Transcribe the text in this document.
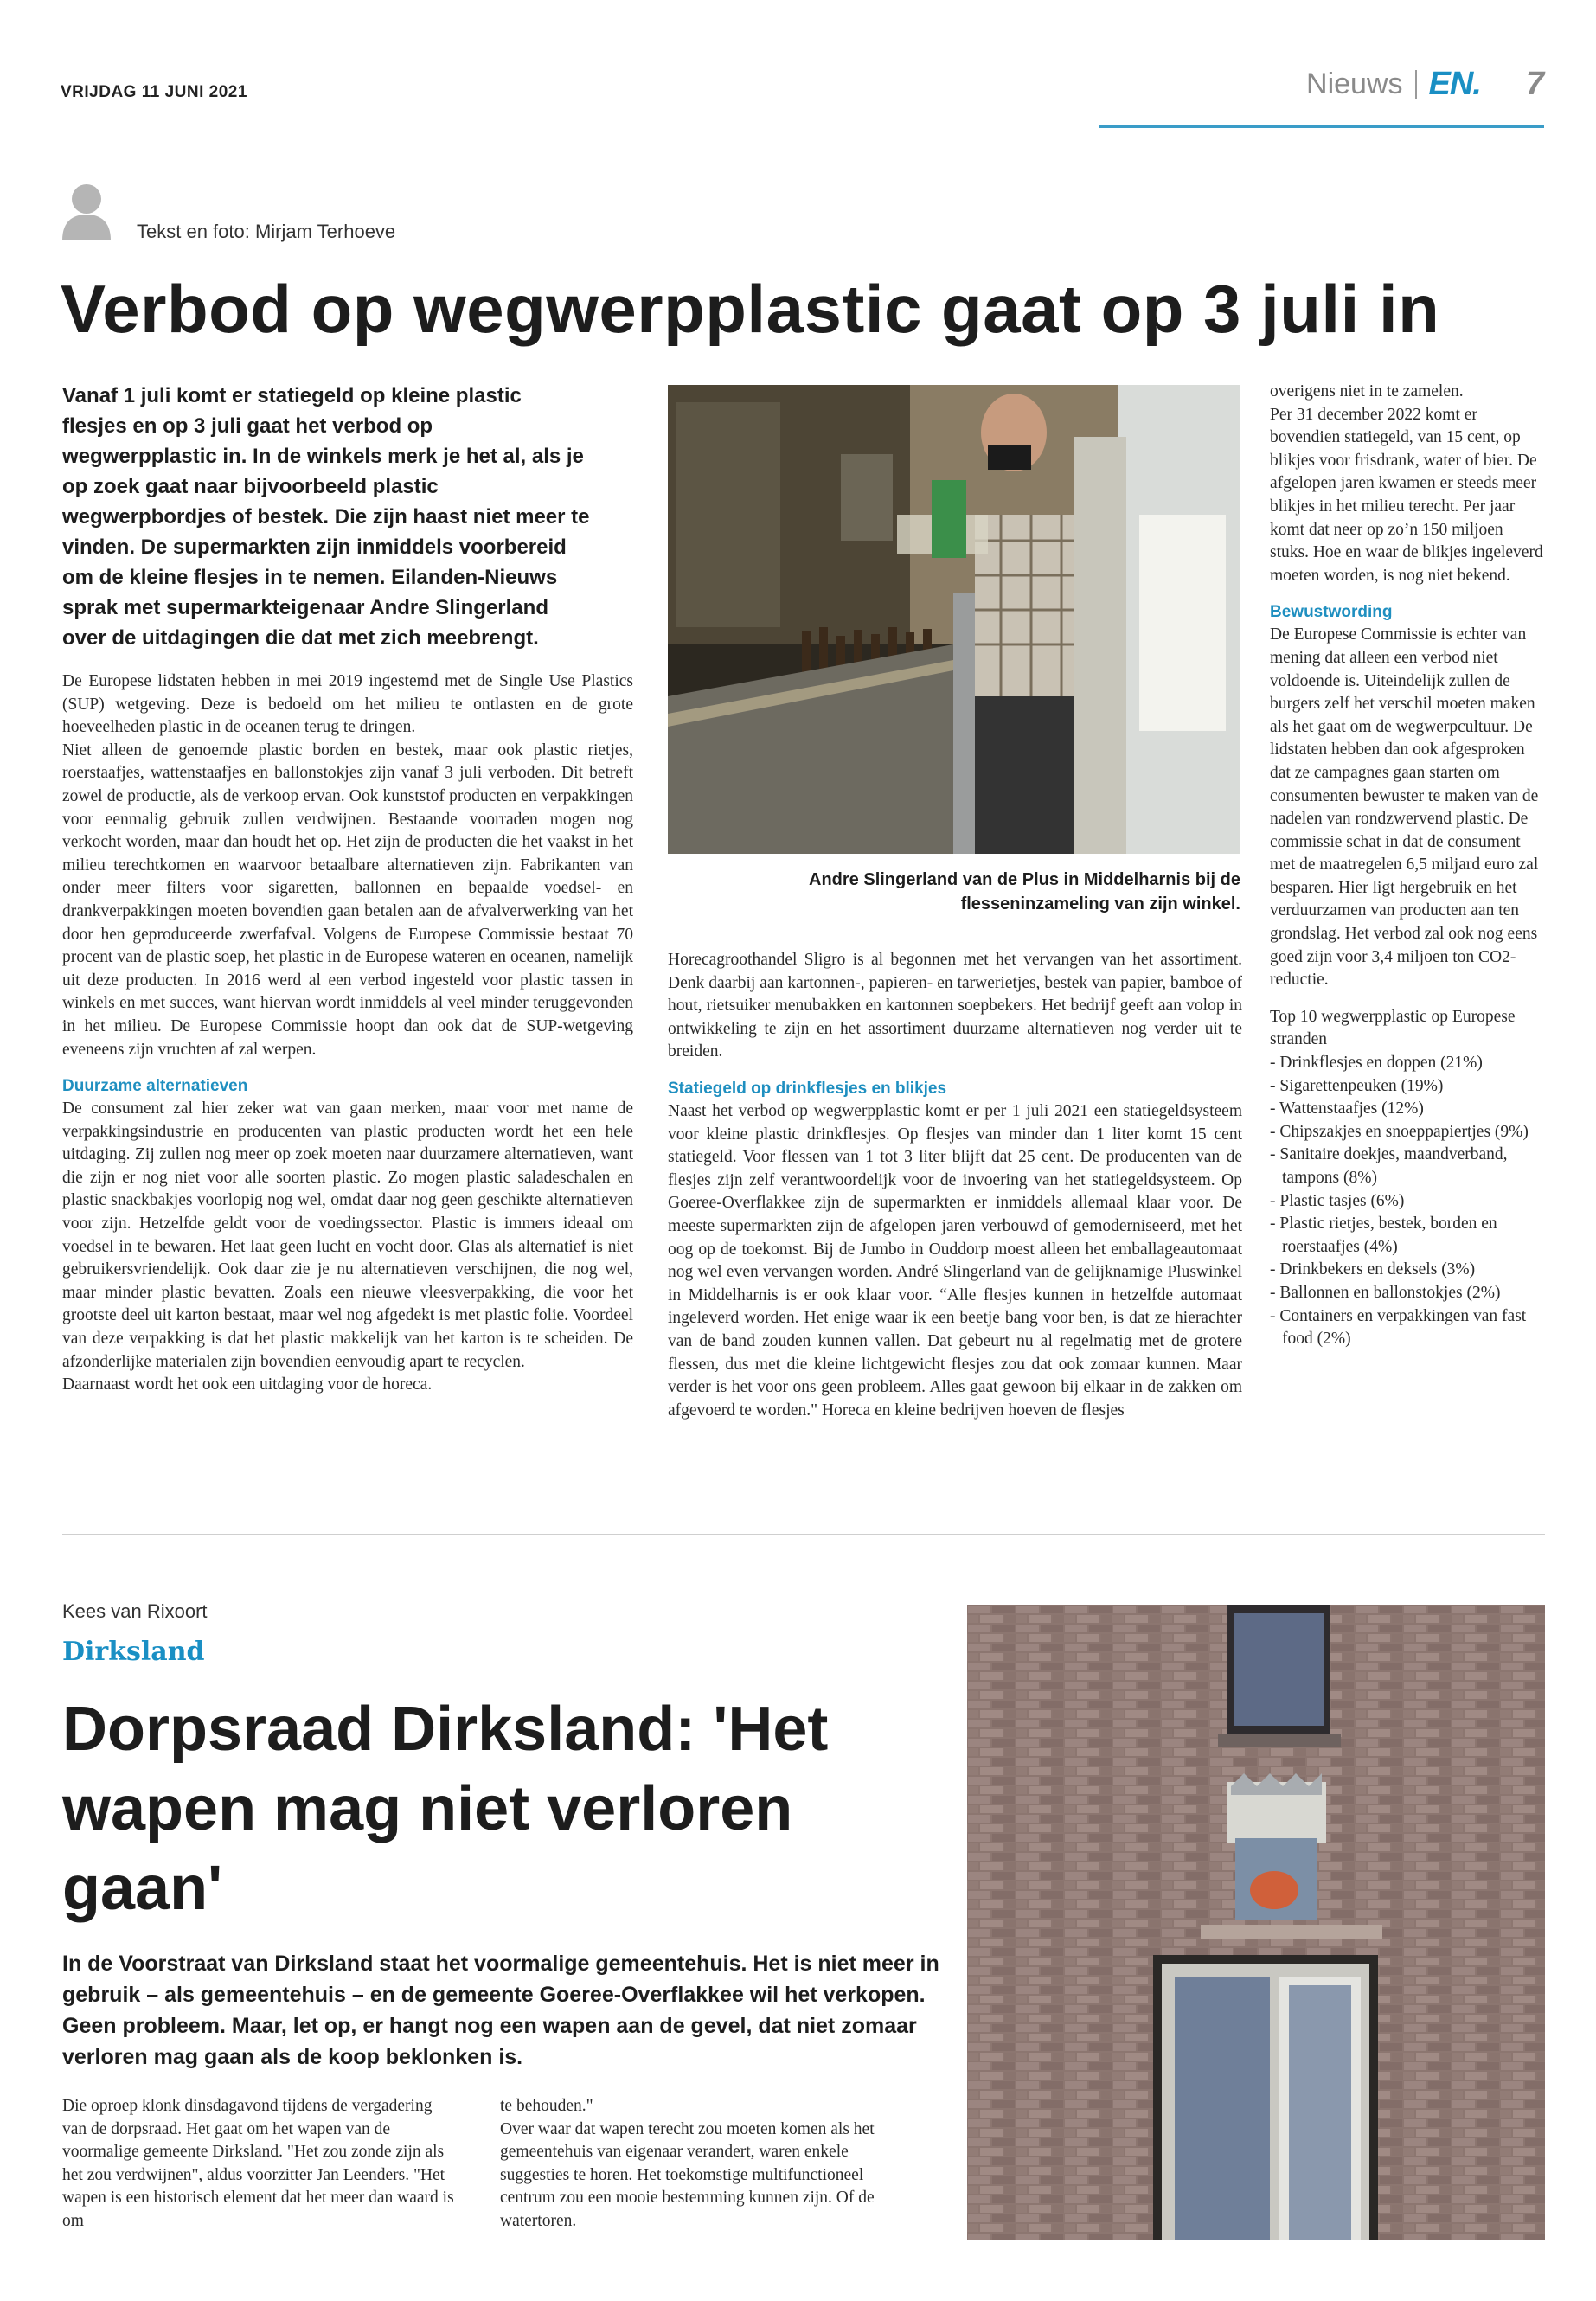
VRIJDAG 11 JUNI 2021	Nieuws EN. 7
Tekst en foto: Mirjam Terhoeve
Verbod op wegwerpplastic gaat op 3 juli in
Vanaf 1 juli komt er statiegeld op kleine plastic flesjes en op 3 juli gaat het verbod op wegwerpplastic in. In de winkels merk je het al, als je op zoek gaat naar bijvoorbeeld plastic wegwerpbordjes of bestek. Die zijn haast niet meer te vinden. De supermarkten zijn inmiddels voorbereid om de kleine flesjes in te nemen. Eilanden-Nieuws sprak met supermarkteigenaar Andre Slingerland over de uitdagingen die dat met zich meebrengt.

De Europese lidstaten hebben in mei 2019 ingestemd met de Single Use Plastics (SUP) wetgeving. Deze is bedoeld om het milieu te ontlasten en de grote hoeveelheden plastic in de oceanen terug te dringen.

Niet alleen de genoemde plastic borden en bestek, maar ook plastic rietjes, roerstaafjes, wattenstaafjes en ballonstokjes zijn vanaf 3 juli verboden. Dit betreft zowel de productie, als de verkoop ervan. Ook kunststof producten en verpakkingen voor eenmalig gebruik zullen verdwijnen. Bestaande voorraden mogen nog verkocht worden, maar dan houdt het op. Het zijn de producten die het vaakst in het milieu terechtkomen en waarvoor betaalbare alternatieven zijn. Fabrikanten van onder meer filters voor sigaretten, ballonnen en bepaalde voedsel- en drankverpakkingen moeten bovendien gaan betalen aan de afvalverwerking van het door hen geproduceerde zwerfafval. Volgens de Europese Commissie bestaat 70 procent van de plastic soep, het plastic in de Europese wateren en oceanen, namelijk uit deze producten. In 2016 werd al een verbod ingesteld voor plastic tassen in winkels en met succes, want hiervan wordt inmiddels al veel minder teruggevonden in het milieu. De Europese Commissie hoopt dan ook dat de SUP-wetgeving eveneens zijn vruchten af zal werpen.

Duurzame alternatieven

De consument zal hier zeker wat van gaan merken, maar voor met name de verpakkingsindustrie en producenten van plastic producten wordt het een hele uitdaging. Zij zullen nog meer op zoek moeten naar duurzamere alternatieven, want die zijn er nog niet voor alle soorten plastic. Zo mogen plastic saladeschalen en plastic snackbakjes voorlopig nog wel, omdat daar nog geen geschikte alternatieven voor zijn. Hetzelfde geldt voor de voedingssector. Plastic is immers ideaal om voedsel in te bewaren. Het laat geen lucht en vocht door. Glas als alternatief is niet gebruikersvriendelijk. Ook daar zie je nu alternatieven verschijnen, die nog wel, maar minder plastic bevatten. Zoals een nieuwe vleesverpakking, die voor het grootste deel uit karton bestaat, maar wel nog afgedekt is met plastic folie. Voordeel van deze verpakking is dat het plastic makkelijk van het karton is te scheiden. De afzonderlijke materialen zijn bovendien eenvoudig apart te recyclen.

Daarnaast wordt het ook een uitdaging voor de horeca.

Andre Slingerland van de Plus in Middelharnis bij de flesseninzameling van zijn winkel.

Horecagroothandel Sligro is al begonnen met het vervangen van het assortiment. Denk daarbij aan kartonnen-, papieren- en tarwerietjes, bestek van papier, bamboe of hout, rietsuiker menubakken en kartonnen soepbekers. Het bedrijf geeft aan volop in ontwikkeling te zijn en het assortiment duurzame alternatieven nog verder uit te breiden.

Statiegeld op drinkflesjes en blikjes

Naast het verbod op wegwerpplastic komt er per 1 juli 2021 een statiegeldsysteem voor kleine plastic drinkflesjes. Op flesjes van minder dan 1 liter komt 15 cent statiegeld. Voor flessen van 1 tot 3 liter blijft dat 25 cent. De producenten van de flesjes zijn zelf verantwoordelijk voor de invoering van het statiegeldsysteem. Op Goeree-Overflakkee zijn de supermarkten er inmiddels allemaal klaar voor. De meeste supermarkten zijn de afgelopen jaren verbouwd of gemoderniseerd, met het oog op de toekomst. Bij de Jumbo in Ouddorp moest alleen het emballageautomaat nog wel even vervangen worden. André Slingerland van de gelijknamige Pluswinkel in Middelharnis is er ook klaar voor. “Alle flesjes kunnen in hetzelfde automaat ingeleverd worden. Het enige waar ik een beetje bang voor ben, is dat ze hierachter van de band zouden kunnen vallen. Dat gebeurt nu al regelmatig met de grotere flessen, dus met die kleine lichtgewicht flesjes zou dat ook zomaar kunnen. Maar verder is het voor ons geen probleem. Alles gaat gewoon bij elkaar in de zakken om afgevoerd te worden." Horeca en kleine bedrijven hoeven de flesjes

overigens niet in te zamelen.

Per 31 december 2022 komt er bovendien statiegeld, van 15 cent, op blikjes voor frisdrank, water of bier. De afgelopen jaren kwamen er steeds meer blikjes in het milieu terecht. Per jaar komt dat neer op zo’n 150 miljoen stuks. Hoe en waar de blikjes ingeleverd moeten worden, is nog niet bekend.

Bewustwording

De Europese Commissie is echter van mening dat alleen een verbod niet voldoende is. Uiteindelijk zullen de burgers zelf het verschil moeten maken als het gaat om de wegwerpcultuur. De lidstaten hebben dan ook afgesproken dat ze campagnes gaan starten om consumenten bewuster te maken van de nadelen van rondzwervend plastic. De commissie schat in dat de consument met de maatregelen 6,5 miljard euro zal besparen. Hier ligt hergebruik en het verduurzamen van producten aan ten grondslag. Het verbod zal ook nog eens goed zijn voor 3,4 miljoen ton CO2-reductie.

Top 10 wegwerpplastic op Europese stranden

- Drinkflesjes en doppen (21%)
- Sigarettenpeuken (19%)
- Wattenstaafjes (12%)
- Chipszakjes en snoeppapiertjes (9%)
- Sanitaire doekjes, maandverband, tampons (8%)
- Plastic tasjes (6%)
- Plastic rietjes, bestek, borden en roerstaafjes (4%)
- Drinkbekers en deksels (3%)
- Ballonnen en ballonstokjes (2%)
- Containers en verpakkingen van fast food (2%)
Kees van Rixoort
Dirksland
Dorpsraad Dirksland: 'Het wapen mag niet verloren gaan'
In de Voorstraat van Dirksland staat het voormalige gemeentehuis. Het is niet meer in gebruik – als gemeentehuis – en de gemeente Goeree-Overflakkee wil het verkopen. Geen probleem. Maar, let op, er hangt nog een wapen aan de gevel, dat niet zomaar verloren mag gaan als de koop beklonken is.

Die oproep klonk dinsdagavond tijdens de vergadering van de dorpsraad. Het gaat om het wapen van de voormalige gemeente Dirksland. "Het zou zonde zijn als het zou verdwijnen", aldus voorzitter Jan Leenders. "Het wapen is een historisch element dat het meer dan waard is om

te behouden."

Over waar dat wapen terecht zou moeten komen als het gemeentehuis van eigenaar verandert, waren enkele suggesties te horen. Het toekomstige multifunctioneel centrum zou een mooie bestemming kunnen zijn. Of de watertoren.
